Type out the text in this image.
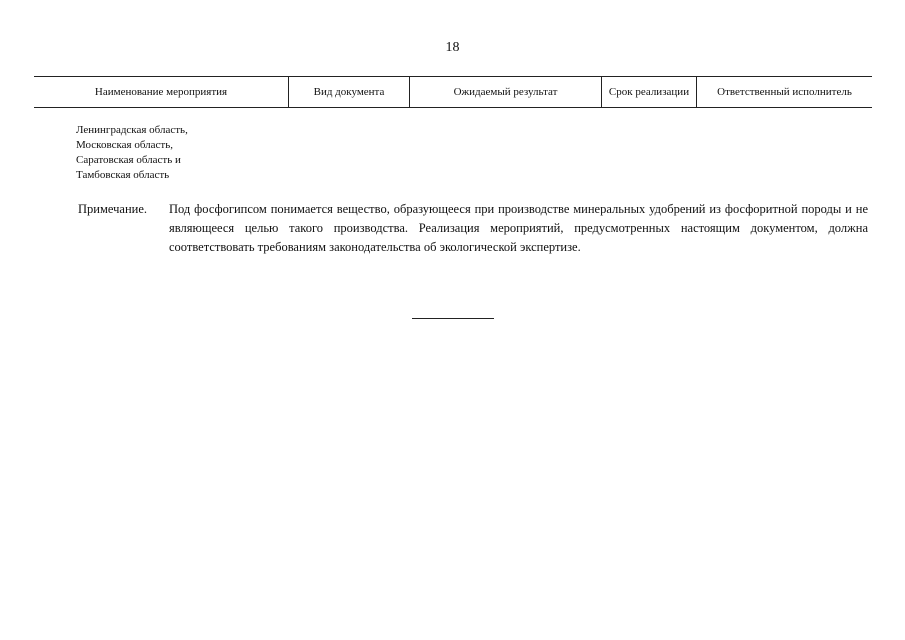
18
Наименование мероприятия	Вид документа	Ожидаемый результат	Срок реализации	Ответственный исполнитель
Ленинградская область,
Московская область,
Саратовская область и
Тамбовская область
Примечание.	Под фосфогипсом понимается вещество, образующееся при производстве минеральных удобрений из фосфоритной породы и не являющееся целью такого производства. Реализация мероприятий, предусмотренных настоящим документом, должна соответствовать требованиям законодательства об экологической экспертизе.
